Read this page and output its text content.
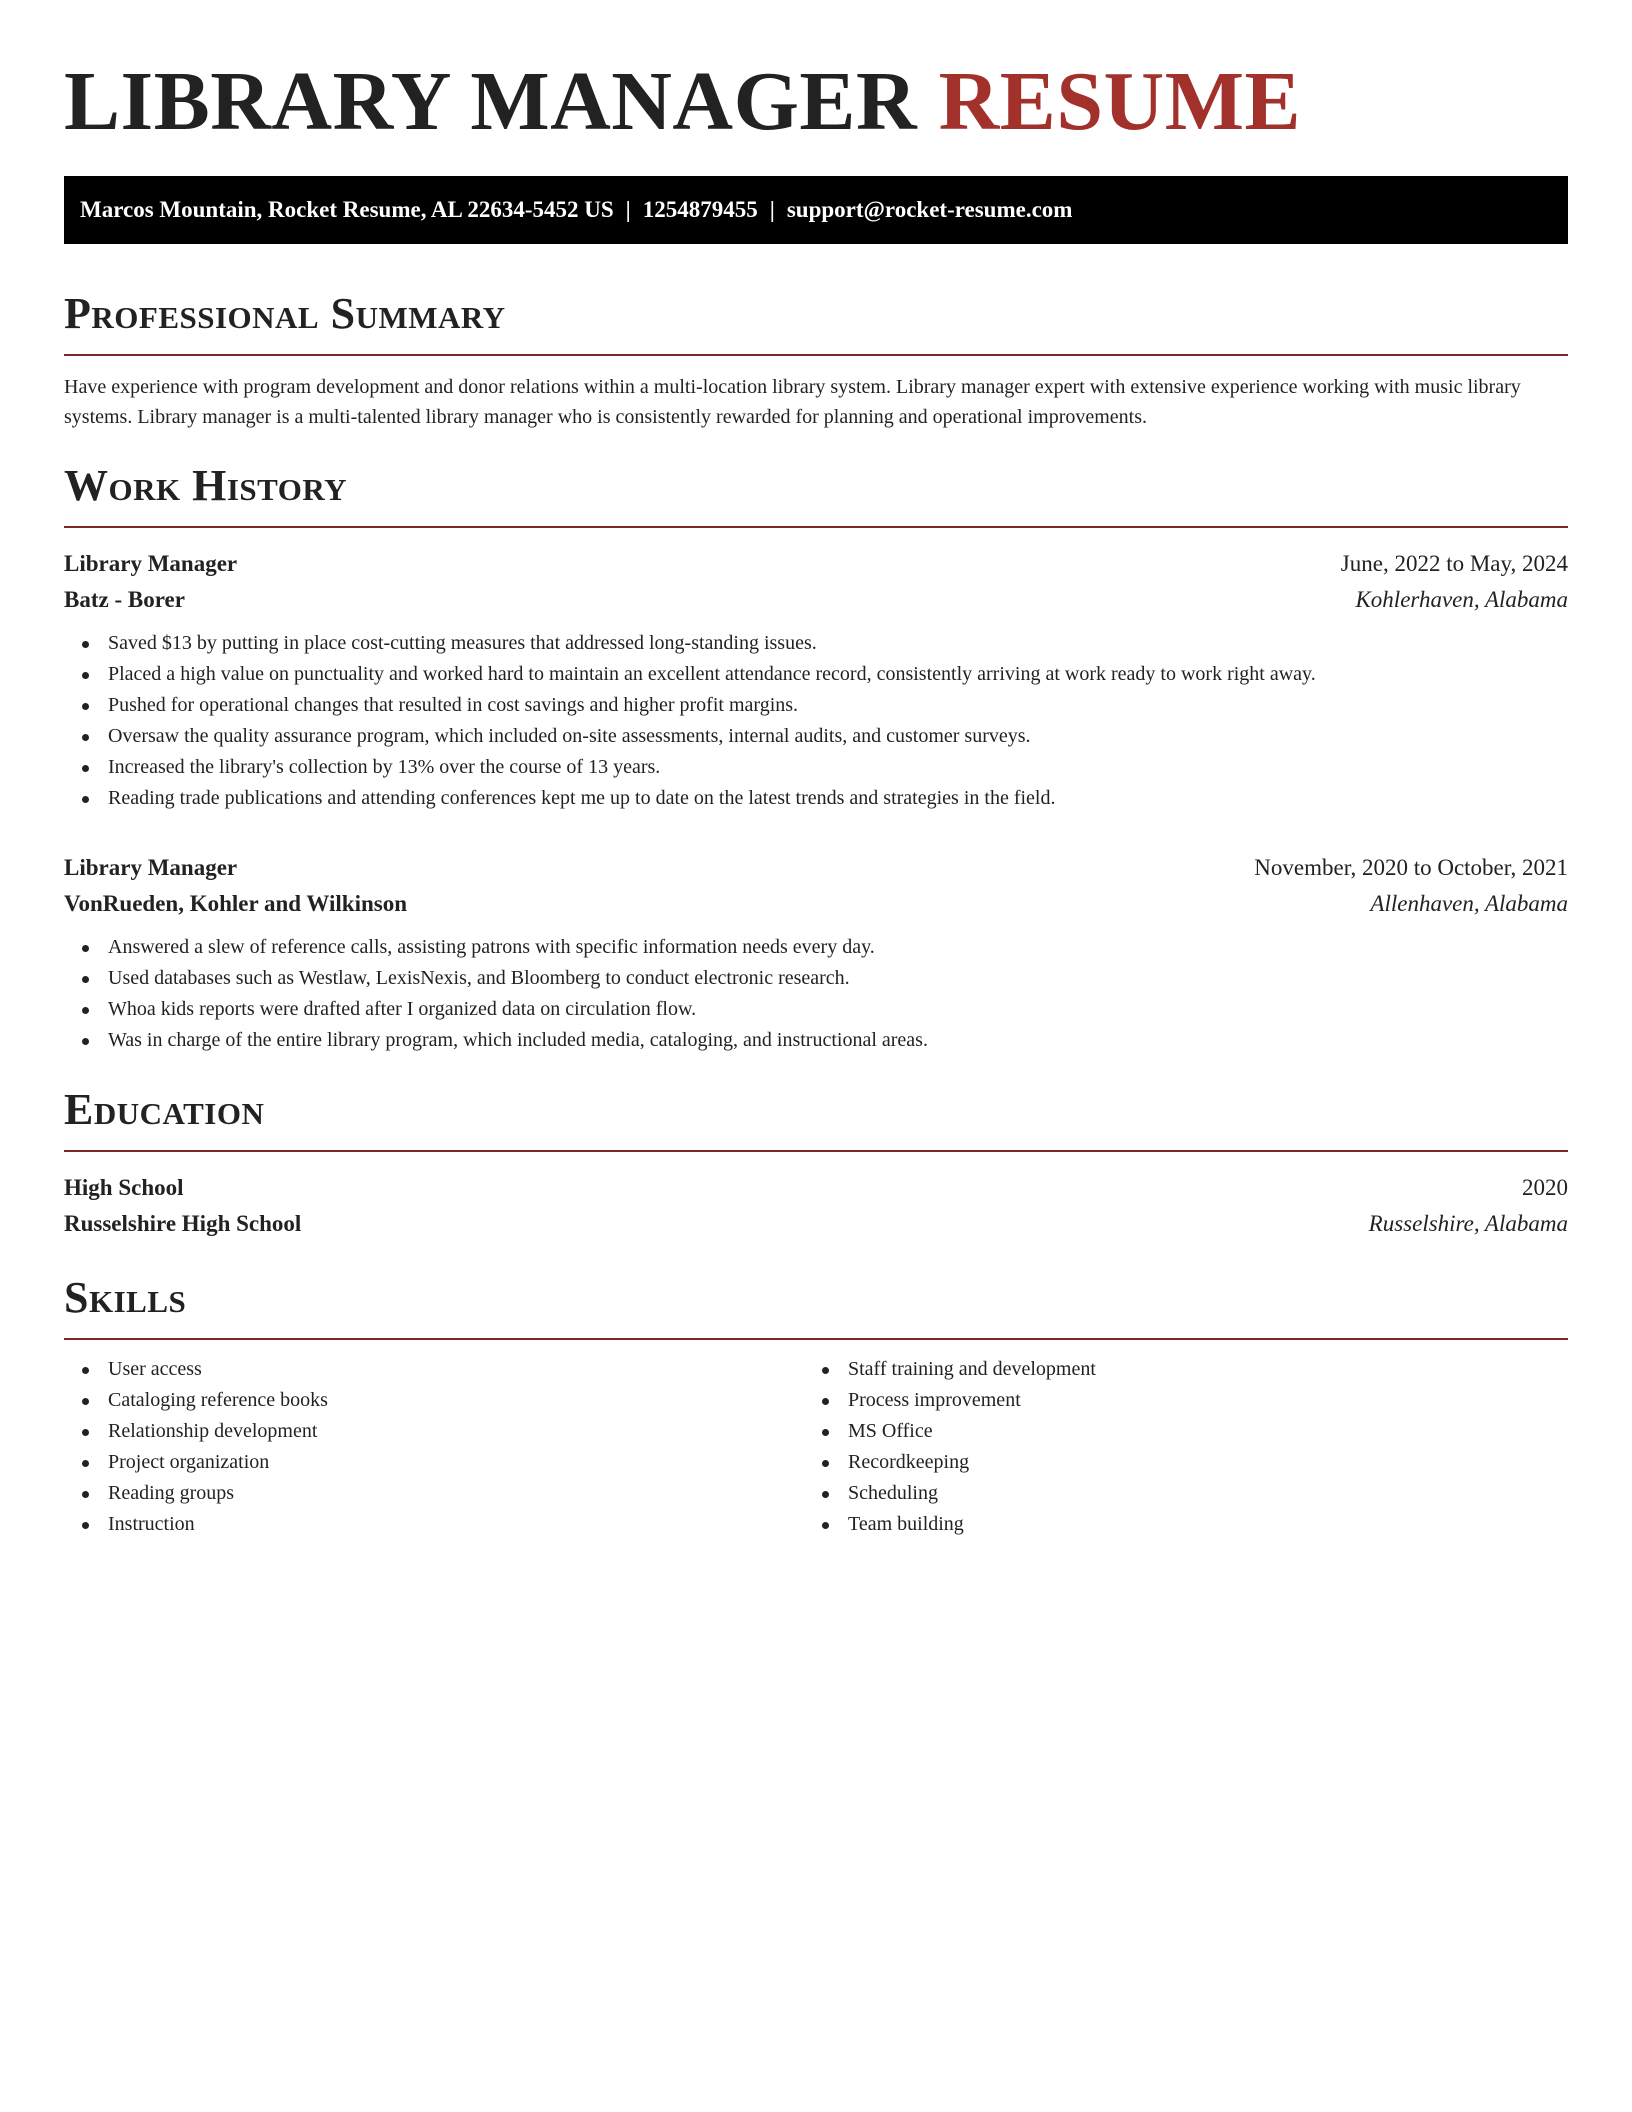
LIBRARY MANAGER RESUME
Marcos Mountain, Rocket Resume, AL 22634-5452 US | 1254879455 | support@rocket-resume.com
Professional Summary

Have experience with program development and donor relations within a multi-location library system. Library manager expert with extensive experience working with music library systems. Library manager is a multi-talented library manager who is consistently rewarded for planning and operational improvements.

Work History
Library Manager	June, 2022 to May, 2024
Batz - Borer	Kohlerhaven, Alabama
Saved $13 by putting in place cost-cutting measures that addressed long-standing issues.
Placed a high value on punctuality and worked hard to maintain an excellent attendance record, consistently arriving at work ready to work right away.
Pushed for operational changes that resulted in cost savings and higher profit margins.
Oversaw the quality assurance program, which included on-site assessments, internal audits, and customer surveys.
Increased the library's collection by 13% over the course of 13 years.
Reading trade publications and attending conferences kept me up to date on the latest trends and strategies in the field.
Library Manager	November, 2020 to October, 2021
VonRueden, Kohler and Wilkinson	Allenhaven, Alabama
Answered a slew of reference calls, assisting patrons with specific information needs every day.
Used databases such as Westlaw, LexisNexis, and Bloomberg to conduct electronic research.
Whoa kids reports were drafted after I organized data on circulation flow.
Was in charge of the entire library program, which included media, cataloging, and instructional areas.
Education
High School	2020
Russelshire High School	Russelshire, Alabama
Skills
User access
Cataloging reference books
Relationship development
Project organization
Reading groups
Instruction
Staff training and development
Process improvement
MS Office
Recordkeeping
Scheduling
Team building
